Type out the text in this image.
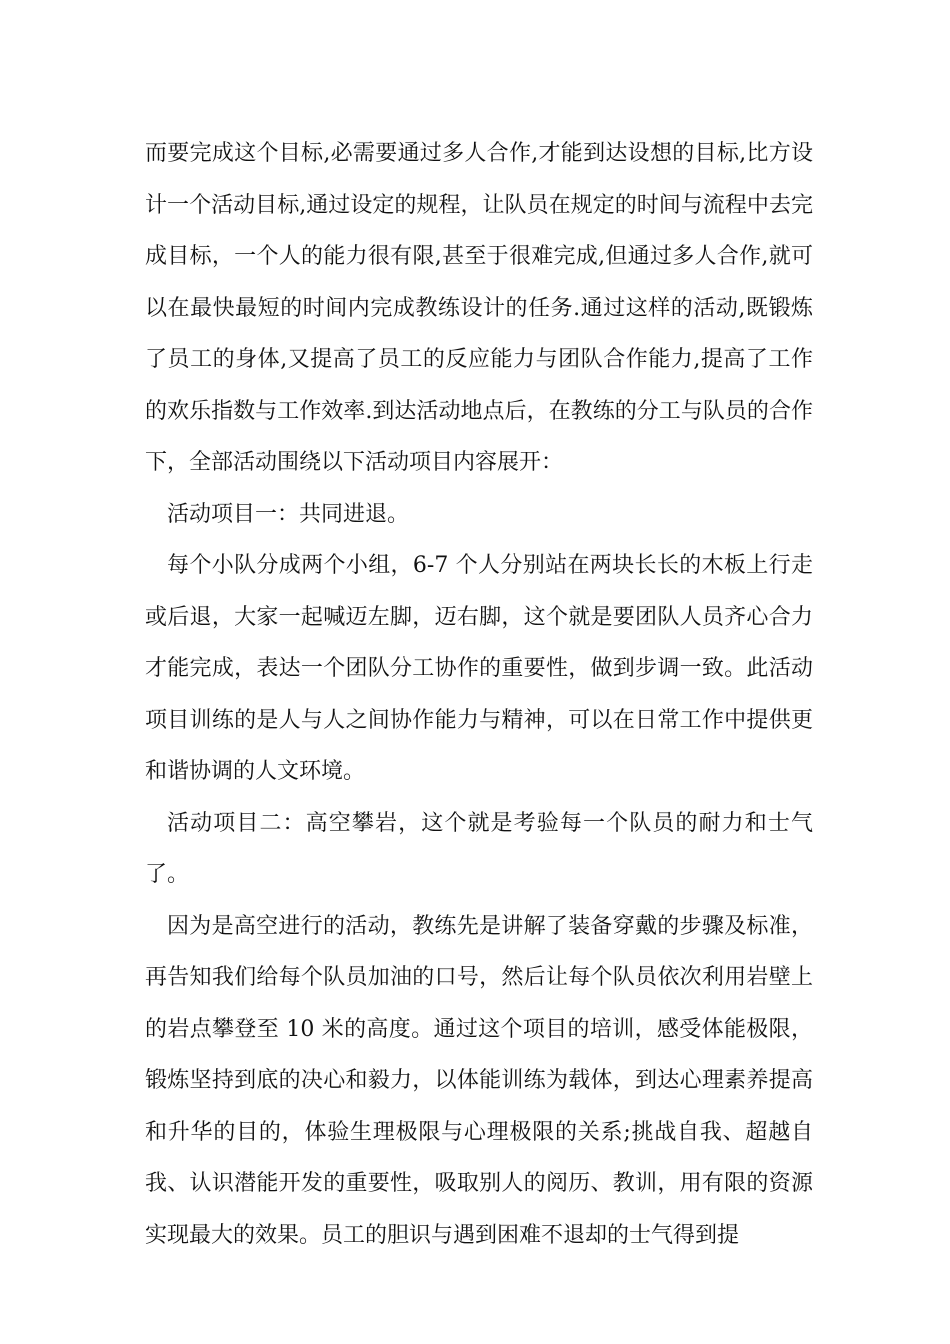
而要完成这个目标,必需要通过多人合作,才能到达设想的目标,比方设计一个活动目标,通过设定的规程，让队员在规定的时间与流程中去完成目标，一个人的能力很有限,甚至于很难完成,但通过多人合作,就可以在最快最短的时间内完成教练设计的任务.通过这样的活动,既锻炼了员工的身体,又提高了员工的反应能力与团队合作能力,提高了工作的欢乐指数与工作效率.到达活动地点后，在教练的分工与队员的合作下，全部活动围绕以下活动项目内容展开：

活动项目一：共同进退。

每个小队分成两个小组，6-7 个人分别站在两块长长的木板上行走或后退，大家一起喊迈左脚，迈右脚，这个就是要团队人员齐心合力才能完成，表达一个团队分工协作的重要性，做到步调一致。此活动项目训练的是人与人之间协作能力与精神，可以在日常工作中提供更和谐协调的人文环境。

活动项目二：高空攀岩，这个就是考验每一个队员的耐力和士气了。

因为是高空进行的活动，教练先是讲解了装备穿戴的步骤及标准，再告知我们给每个队员加油的口号，然后让每个队员依次利用岩壁上的岩点攀登至 10 米的高度。通过这个项目的培训，感受体能极限，锻炼坚持到底的决心和毅力，以体能训练为载体，到达心理素养提高和升华的目的，体验生理极限与心理极限的关系;挑战自我、超越自我、认识潜能开发的重要性，吸取别人的阅历、教训，用有限的资源实现最大的效果。员工的胆识与遇到困难不退却的士气得到提
